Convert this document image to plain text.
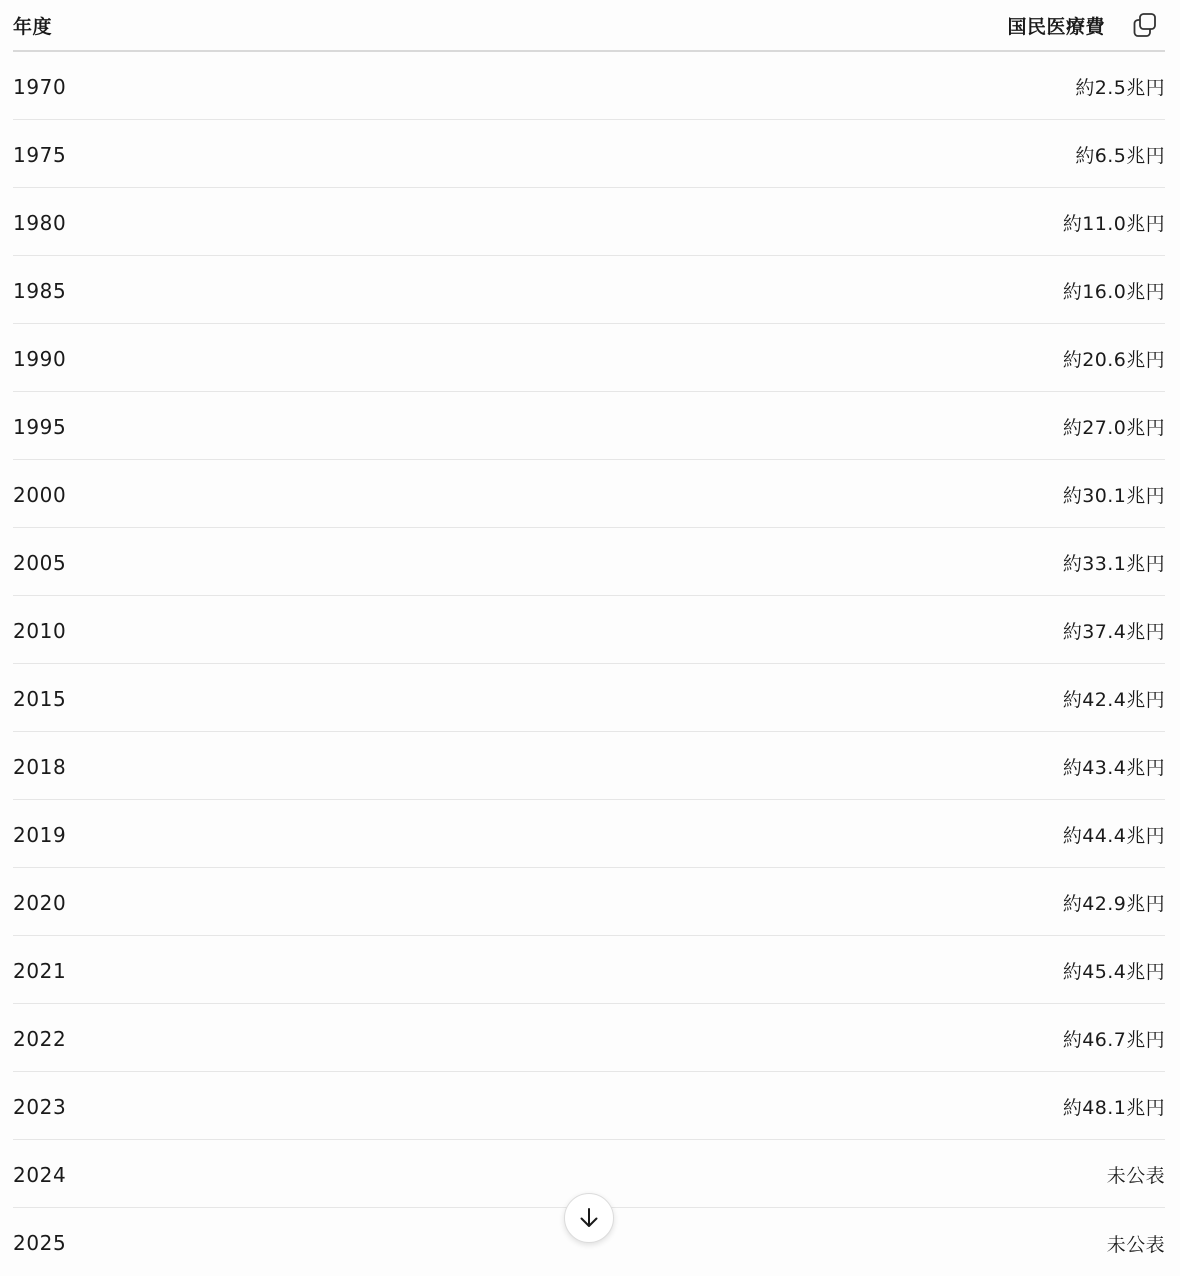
年度	国民医療費
1970	約2.5兆円
1975	約6.5兆円
1980	約11.0兆円
1985	約16.0兆円
1990	約20.6兆円
1995	約27.0兆円
2000	約30.1兆円
2005	約33.1兆円
2010	約37.4兆円
2015	約42.4兆円
2018	約43.4兆円
2019	約44.4兆円
2020	約42.9兆円
2021	約45.4兆円
2022	約46.7兆円
2023	約48.1兆円
2024	未公表
2025	未公表
